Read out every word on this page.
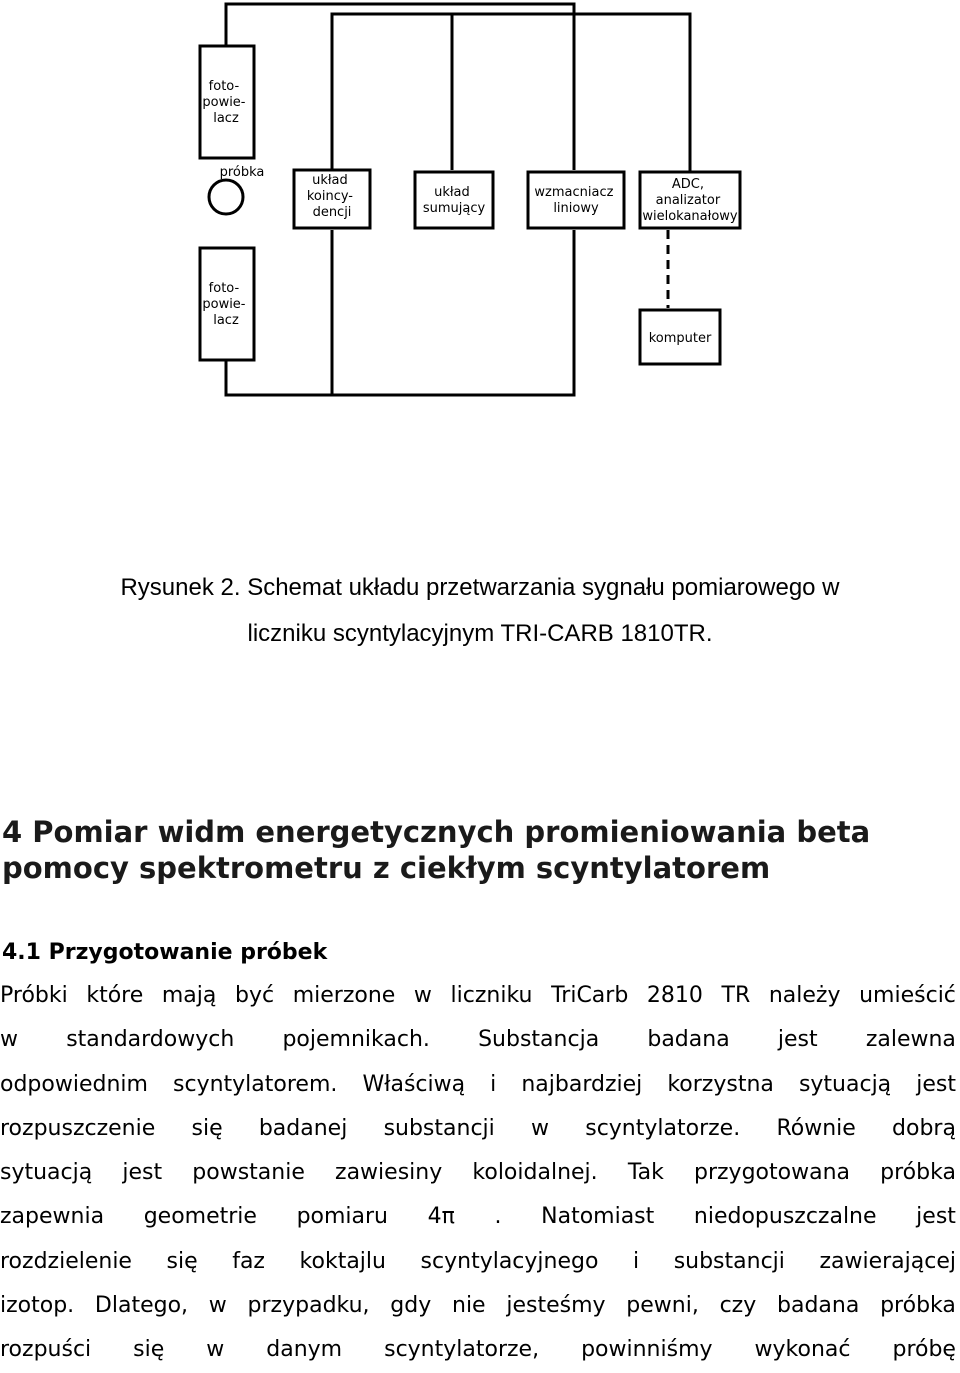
foto- powie- lacz
próbka
układ koincy- dencji
układ sumujący
wzmacniacz liniowy
ADC, analizator wielokanałowy
foto- powie- lacz
komputer
Rysunek 2. Schemat układu przetwarzania sygnału pomiarowego w
liczniku scyntylacyjnym TRI-CARB 1810TR.
4 Pomiar widm energetycznych promieniowania beta
pomocy spektrometru z ciekłym scyntylatorem
4.1 Przygotowanie próbek
Próbki które mają być mierzone w liczniku TriCarb 2810 TR należy umieścić
w standardowych pojemnikach. Substancja badana jest zalewna
odpowiednim scyntylatorem. Właściwą i najbardziej korzystna sytuacją jest
rozpuszczenie się badanej substancji w scyntylatorze. Równie dobrą
sytuacją jest powstanie zawiesiny koloidalnej. Tak przygotowana próbka
zapewnia geometrie pomiaru 4π . Natomiast niedopuszczalne jest
rozdzielenie się faz koktajlu scyntylacyjnego i substancji zawierającej
izotop. Dlatego, w przypadku, gdy nie jesteśmy pewni, czy badana próbka
rozpuści się w danym scyntylatorze, powinniśmy wykonać próbę
